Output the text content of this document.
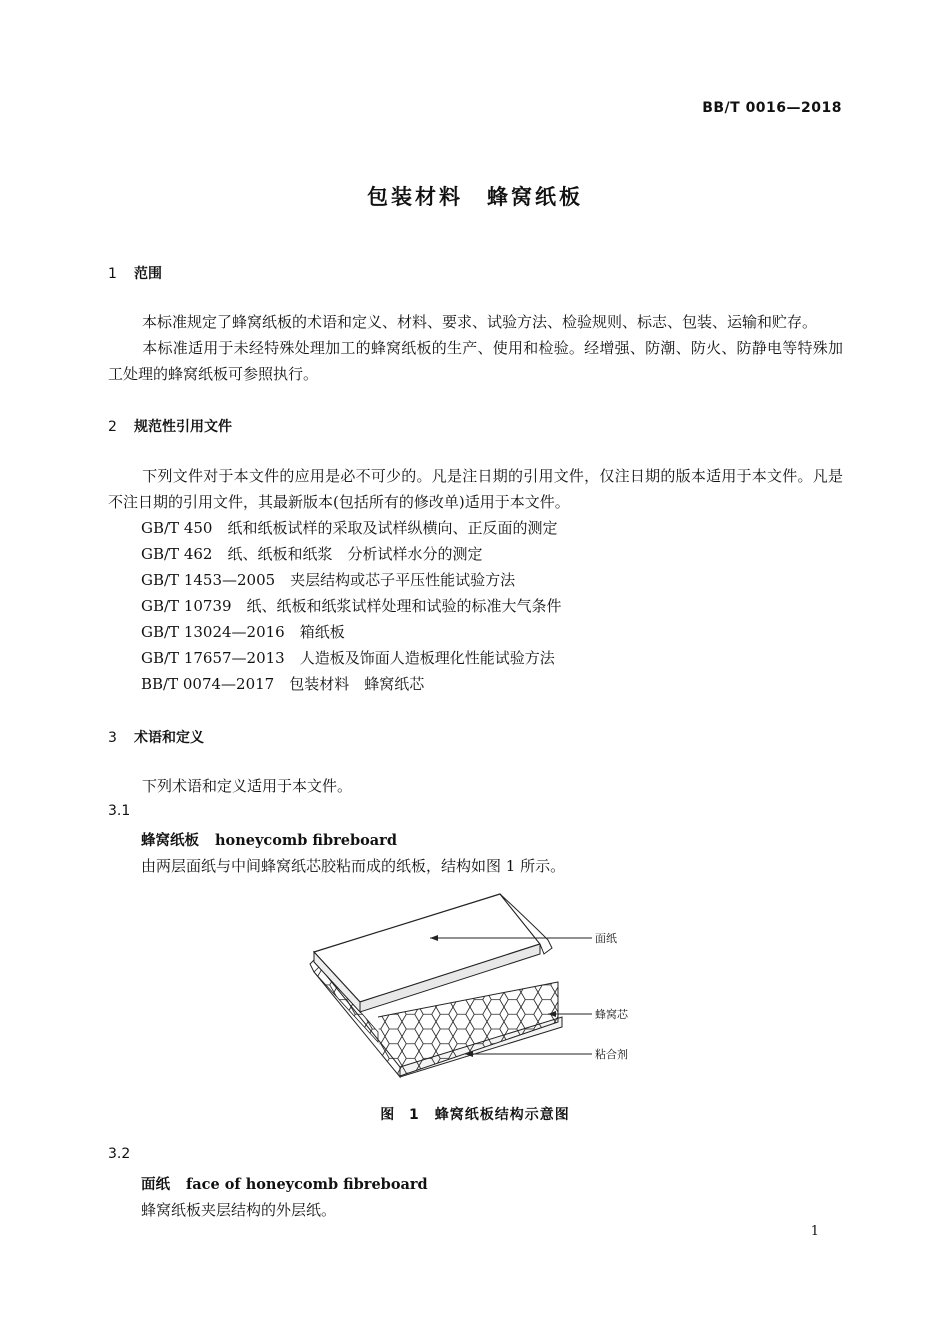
BB/T 0016—2018
包装材料　蜂窝纸板
1 范围
本标准规定了蜂窝纸板的术语和定义、材料、要求、试验方法、检验规则、标志、包装、运输和贮存。
本标准适用于未经特殊处理加工的蜂窝纸板的生产、使用和检验。经增强、防潮、防火、防静电等特殊加工处理的蜂窝纸板可参照执行。
2 规范性引用文件
下列文件对于本文件的应用是必不可少的。凡是注日期的引用文件，仅注日期的版本适用于本文件。凡是不注日期的引用文件，其最新版本(包括所有的修改单)适用于本文件。
GB/T 450　纸和纸板试样的采取及试样纵横向、正反面的测定
GB/T 462　纸、纸板和纸浆　分析试样水分的测定
GB/T 1453—2005　夹层结构或芯子平压性能试验方法
GB/T 10739　纸、纸板和纸浆试样处理和试验的标准大气条件
GB/T 13024—2016　箱纸板
GB/T 17657—2013　人造板及饰面人造板理化性能试验方法
BB/T 0074—2017　包装材料　蜂窝纸芯
3 术语和定义
下列术语和定义适用于本文件。
3.1
蜂窝纸板 honeycomb fibreboard
由两层面纸与中间蜂窝纸芯胶粘而成的纸板，结构如图 1 所示。
面纸
蜂窝芯
粘合剂
图 1　蜂窝纸板结构示意图
3.2
面纸 face of honeycomb fibreboard
蜂窝纸板夹层结构的外层纸。
1
